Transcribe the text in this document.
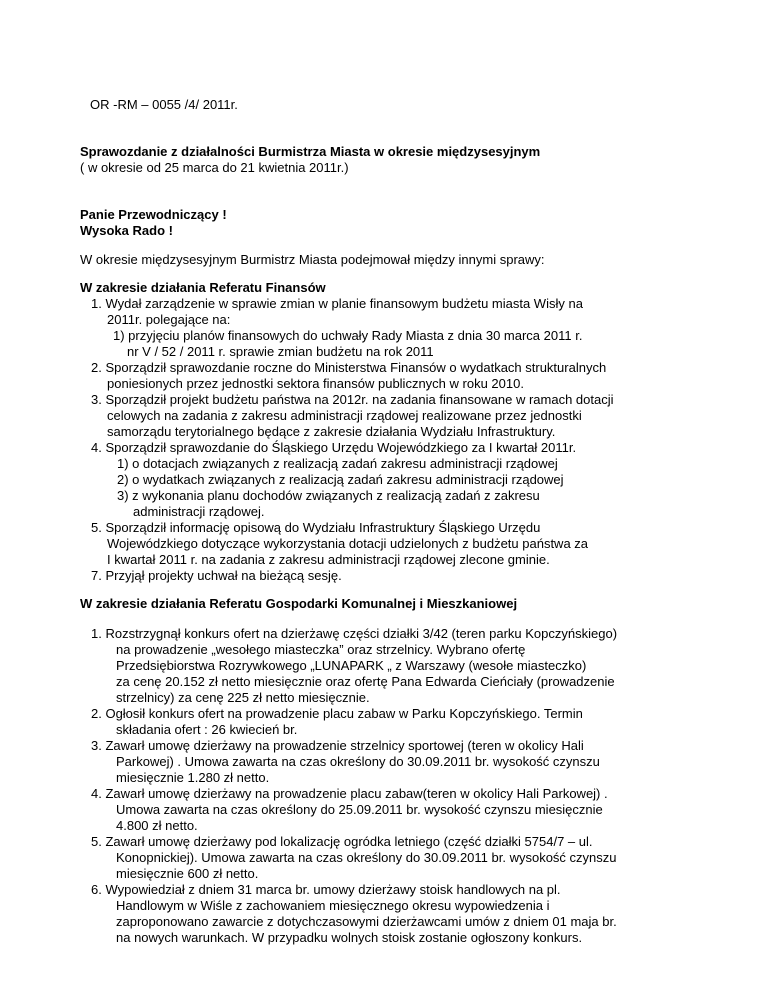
OR -RM – 0055 /4/ 2011r.
Sprawozdanie z działalności Burmistrza Miasta w okresie międzysesyjnym
( w okresie od 25 marca do 21 kwietnia 2011r.)
Panie Przewodniczący !
Wysoka Rado !
W okresie międzysesyjnym Burmistrz Miasta podejmował między innymi sprawy:
W zakresie działania Referatu Finansów
1. Wydał zarządzenie w sprawie zmian w planie finansowym budżetu miasta Wisły na
2011r. polegające na:
1) przyjęciu planów finansowych do uchwały Rady Miasta z dnia 30 marca 2011 r.
nr V / 52 / 2011 r. sprawie zmian budżetu na rok 2011
2. Sporządził sprawozdanie roczne do Ministerstwa Finansów o wydatkach strukturalnych
poniesionych przez jednostki sektora finansów publicznych w roku 2010.
3. Sporządził projekt budżetu państwa na 2012r. na zadania finansowane w ramach dotacji
celowych na zadania z zakresu administracji rządowej realizowane przez jednostki
samorządu terytorialnego będące z zakresie działania Wydziału Infrastruktury.
4. Sporządził sprawozdanie do Śląskiego Urzędu Wojewódzkiego za I kwartał 2011r.
1) o dotacjach związanych z realizacją zadań zakresu administracji rządowej
2) o wydatkach związanych z realizacją zadań zakresu administracji rządowej
3) z wykonania planu dochodów związanych z realizacją zadań z zakresu
administracji rządowej.
5. Sporządził informację opisową do Wydziału Infrastruktury Śląskiego Urzędu
Wojewódzkiego dotyczące wykorzystania dotacji udzielonych z budżetu państwa za
I kwartał 2011 r. na zadania z zakresu administracji rządowej zlecone gminie.
7. Przyjął projekty uchwał na bieżącą sesję.
W zakresie działania Referatu Gospodarki Komunalnej i Mieszkaniowej
1. Rozstrzygnął konkurs ofert na dzierżawę części działki 3/42 (teren parku Kopczyńskiego)
na prowadzenie „wesołego miasteczka” oraz strzelnicy. Wybrano ofertę
Przedsiębiorstwa Rozrywkowego „LUNAPARK „ z Warszawy (wesołe miasteczko)
za cenę 20.152 zł netto miesięcznie oraz ofertę Pana Edwarda Cieńciały (prowadzenie
strzelnicy) za cenę 225 zł netto miesięcznie.
2. Ogłosił konkurs ofert na prowadzenie placu zabaw w Parku Kopczyńskiego. Termin
składania ofert : 26 kwiecień br.
3. Zawarł umowę dzierżawy na prowadzenie strzelnicy sportowej (teren w okolicy Hali
Parkowej) . Umowa zawarta na czas określony do 30.09.2011 br. wysokość czynszu
miesięcznie 1.280 zł netto.
4. Zawarł umowę dzierżawy na prowadzenie placu zabaw(teren w okolicy Hali Parkowej) .
Umowa zawarta na czas określony do 25.09.2011 br. wysokość czynszu miesięcznie
4.800 zł netto.
5. Zawarł umowę dzierżawy pod lokalizację ogródka letniego (część działki 5754/7 – ul.
Konopnickiej). Umowa zawarta na czas określony do 30.09.2011 br. wysokość czynszu
miesięcznie 600 zł netto.
6. Wypowiedział z dniem 31 marca br. umowy dzierżawy stoisk handlowych na pl.
Handlowym w Wiśle z zachowaniem miesięcznego okresu wypowiedzenia i
zaproponowano zawarcie z dotychczasowymi dzierżawcami umów z dniem 01 maja br.
na nowych warunkach. W przypadku wolnych stoisk zostanie ogłoszony konkurs.
